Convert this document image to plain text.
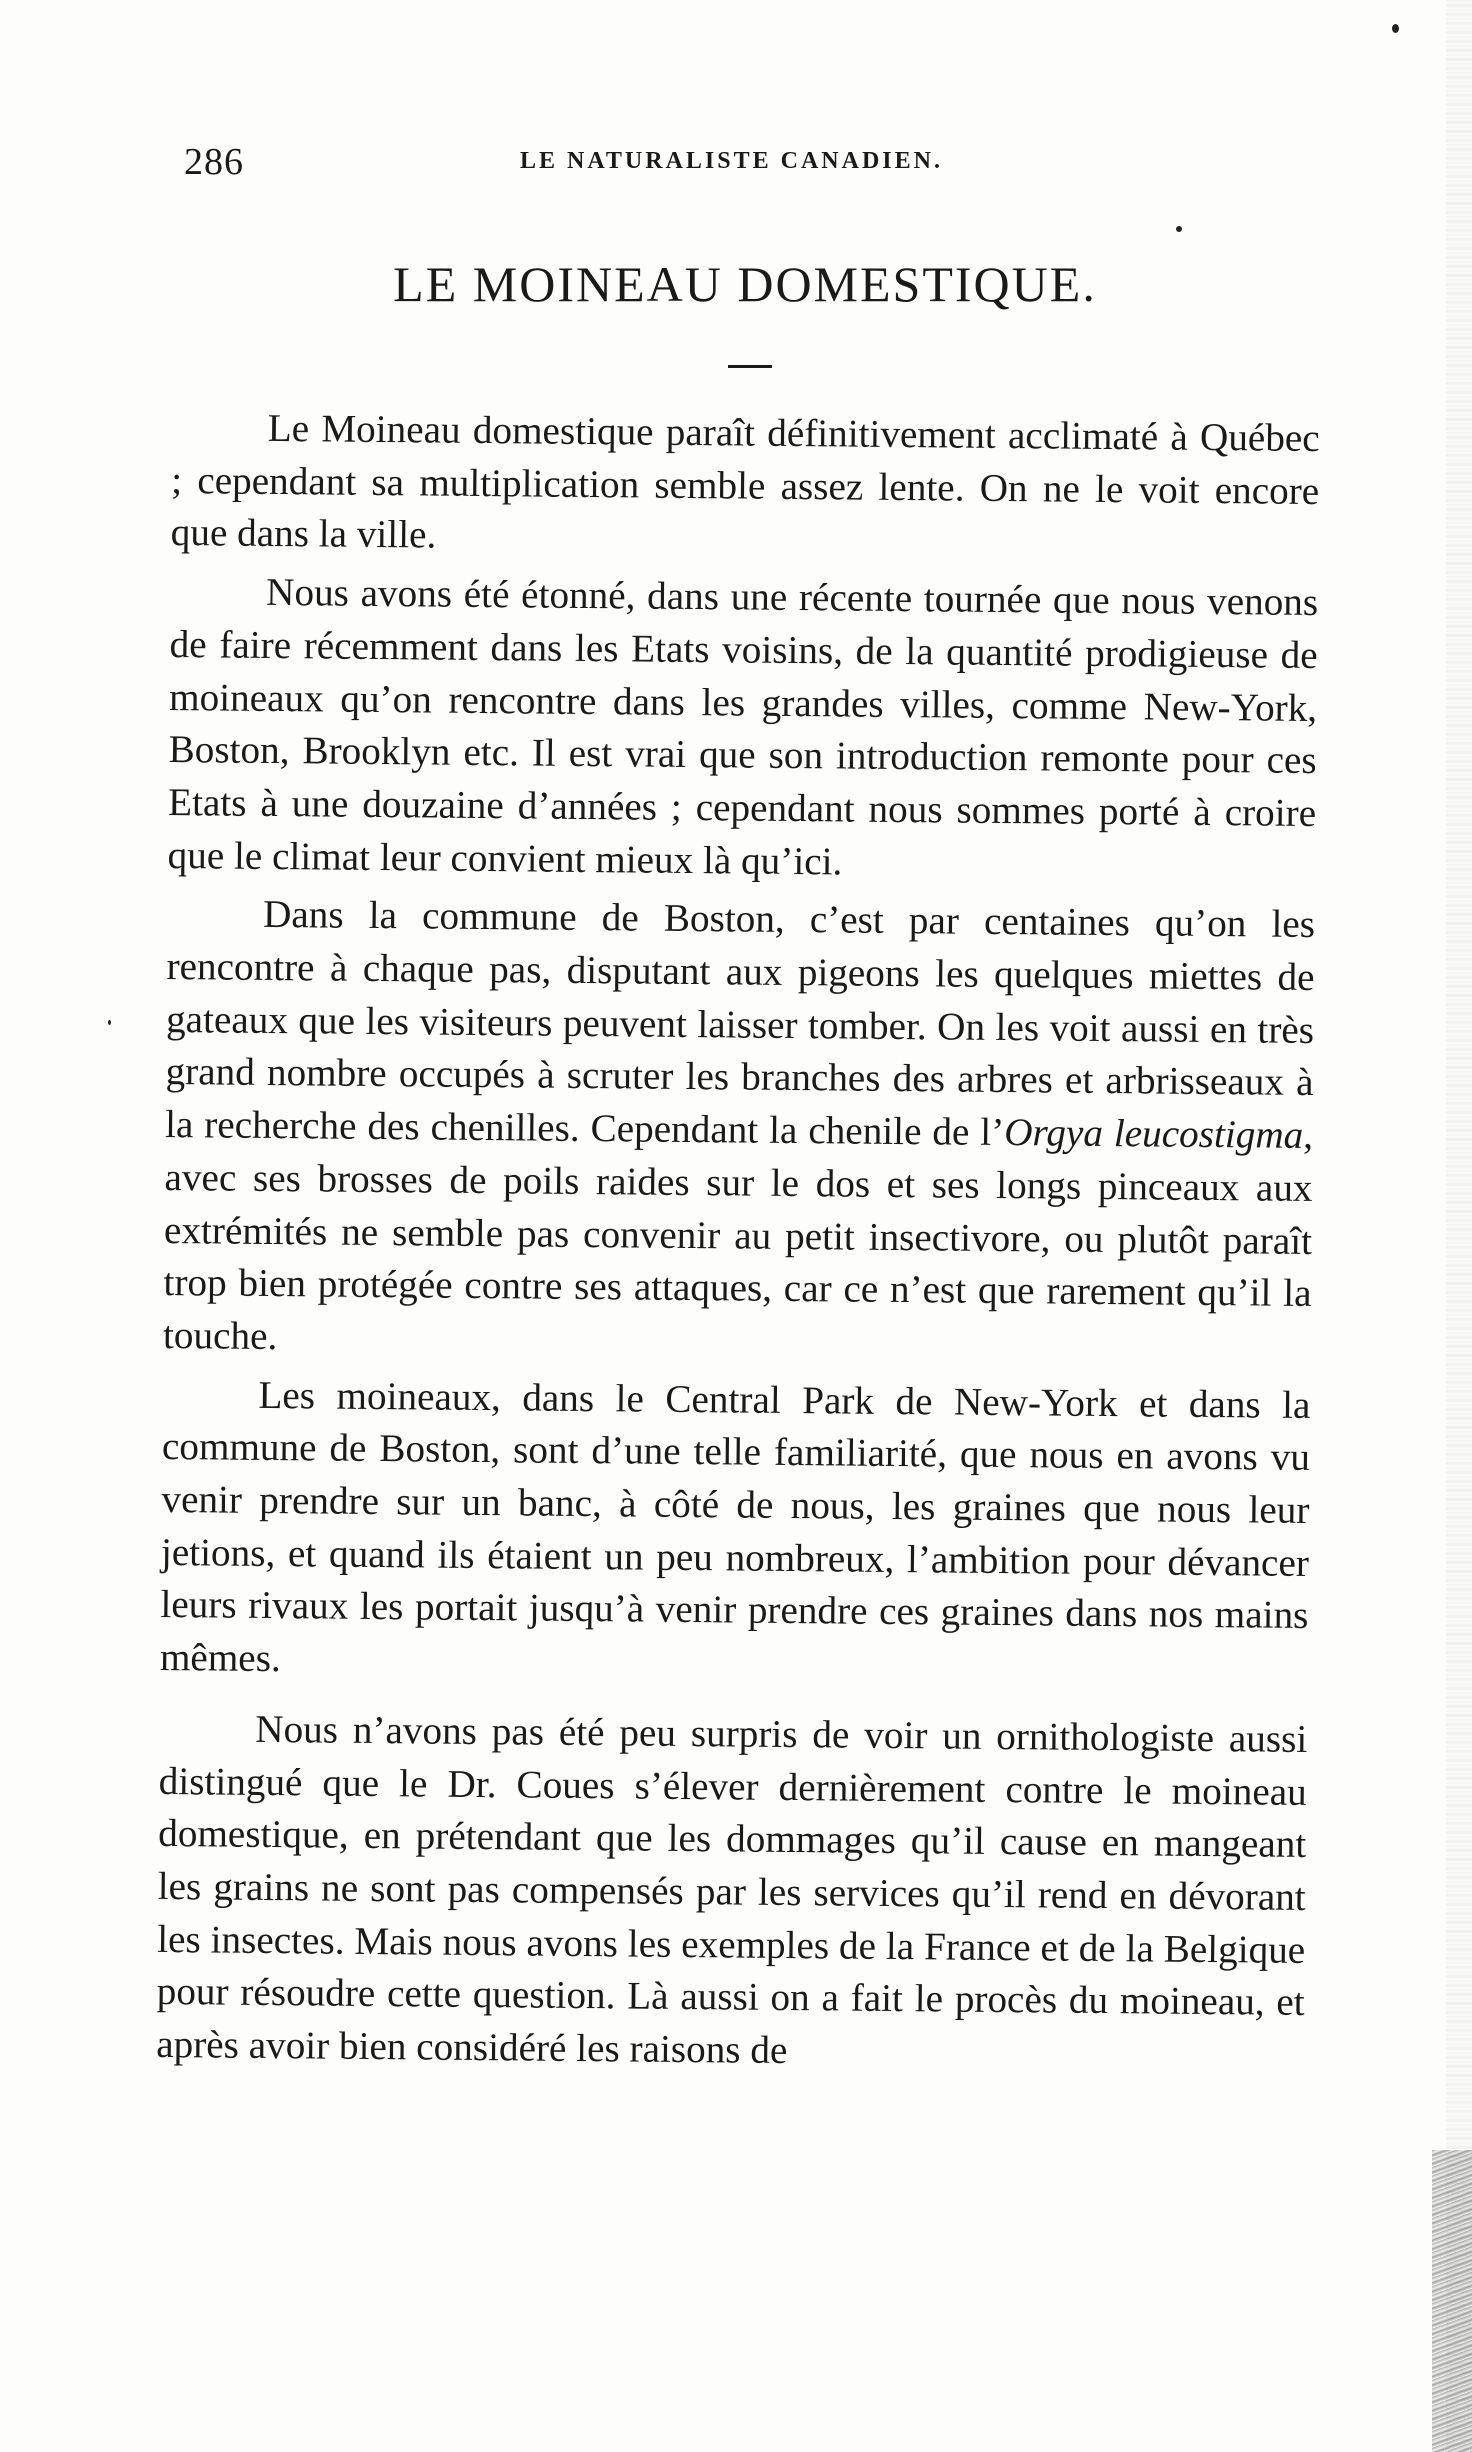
286	LE NATURALISTE CANADIEN.
LE MOINEAU DOMESTIQUE.

Le Moineau domestique paraît définitivement acclimaté à Québec ; cependant sa multiplication semble assez lente. On ne le voit encore que dans la ville.

Nous avons été étonné, dans une récente tournée que nous venons de faire récemment dans les Etats voisins, de la quantité prodigieuse de moineaux qu’on rencontre dans les grandes villes, comme New-York, Boston, Brooklyn etc. Il est vrai que son introduction remonte pour ces Etats à une douzaine d’années ; cependant nous sommes porté à croire que le climat leur convient mieux là qu’ici.

Dans la commune de Boston, c’est par centaines qu’on les rencontre à chaque pas, disputant aux pigeons les quelques miettes de gateaux que les visiteurs peuvent laisser tomber. On les voit aussi en très grand nombre occupés à scruter les branches des arbres et arbrisseaux à la recherche des chenilles. Cependant la chenile de l’Orgya leucostigma, avec ses brosses de poils raides sur le dos et ses longs pinceaux aux extrémités ne semble pas convenir au petit insectivore, ou plutôt paraît trop bien protégée contre ses attaques, car ce n’est que rarement qu’il la touche.

Les moineaux, dans le Central Park de New-York et dans la commune de Boston, sont d’une telle familiarité, que nous en avons vu venir prendre sur un banc, à côté de nous, les graines que nous leur jetions, et quand ils étaient un peu nombreux, l’ambition pour dévancer leurs rivaux les portait jusqu’à venir prendre ces graines dans nos mains mêmes.

Nous n’avons pas été peu surpris de voir un ornithologiste aussi distingué que le Dr. Coues s’élever dernièrement contre le moineau domestique, en prétendant que les dommages qu’il cause en mangeant les grains ne sont pas compensés par les services qu’il rend en dévorant les insectes. Mais nous avons les exemples de la France et de la Belgique pour résoudre cette question. Là aussi on a fait le procès du moineau, et après avoir bien considéré les raisons de
